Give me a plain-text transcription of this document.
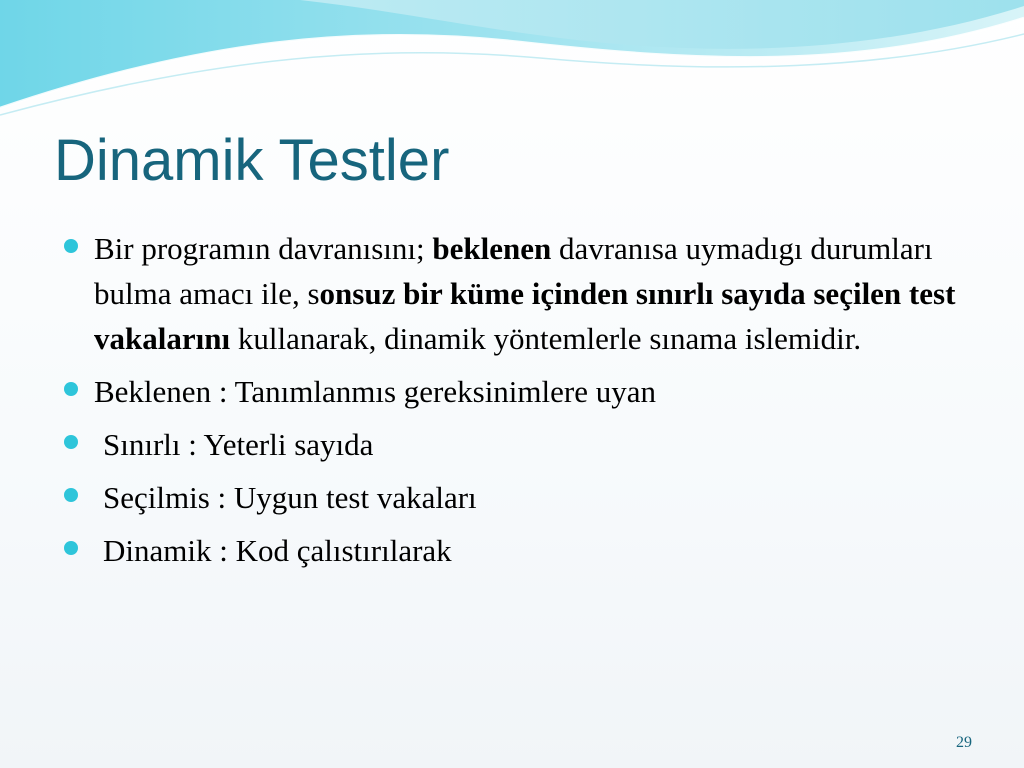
Dinamik Testler
Bir programın davranısını; beklenen davranısa uymadıgı durumları bulma amacı ile, sonsuz bir küme içinden sınırlı sayıda seçilen test vakalarını kullanarak, dinamik yöntemlerle sınama islemidir.
Beklenen : Tanımlanmıs gereksinimlere uyan
Sınırlı : Yeterli sayıda
Seçilmis : Uygun test vakaları
Dinamik : Kod çalıstırılarak
29
